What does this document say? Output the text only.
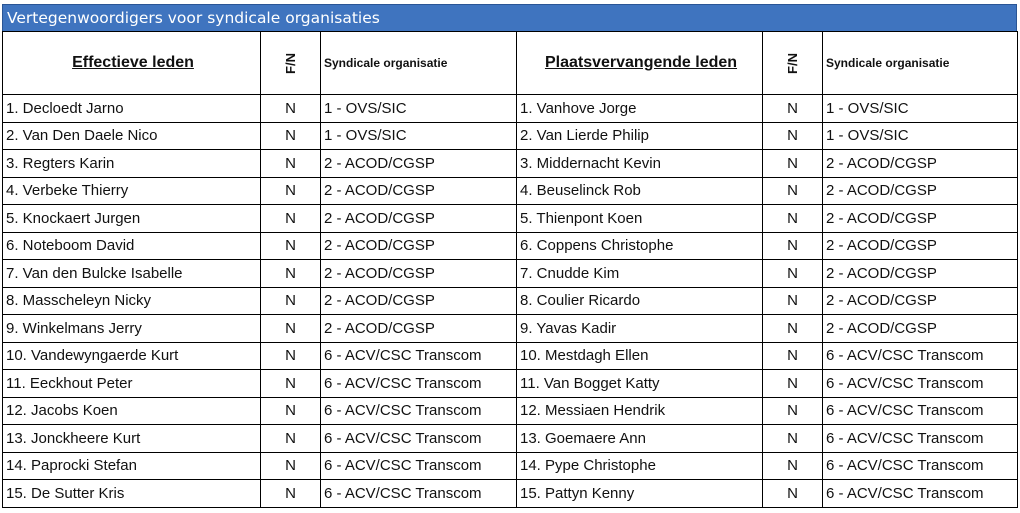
Vertegenwoordigers voor syndicale organisaties
Effectieve leden	F/N	Syndicale organisatie	Plaatsvervangende leden	F/N	Syndicale organisatie
1. Decloedt Jarno	N	1 - OVS/SIC	1. Vanhove Jorge	N	1 - OVS/SIC
2. Van Den Daele Nico	N	1 - OVS/SIC	2. Van Lierde Philip	N	1 - OVS/SIC
3. Regters Karin	N	2 - ACOD/CGSP	3. Middernacht Kevin	N	2 - ACOD/CGSP
4. Verbeke Thierry	N	2 - ACOD/CGSP	4. Beuselinck Rob	N	2 - ACOD/CGSP
5. Knockaert Jurgen	N	2 - ACOD/CGSP	5. Thienpont Koen	N	2 - ACOD/CGSP
6. Noteboom David	N	2 - ACOD/CGSP	6. Coppens Christophe	N	2 - ACOD/CGSP
7. Van den Bulcke Isabelle	N	2 - ACOD/CGSP	7. Cnudde Kim	N	2 - ACOD/CGSP
8. Masscheleyn Nicky	N	2 - ACOD/CGSP	8. Coulier Ricardo	N	2 - ACOD/CGSP
9. Winkelmans Jerry	N	2 - ACOD/CGSP	9. Yavas Kadir	N	2 - ACOD/CGSP
10. Vandewyngaerde Kurt	N	6 - ACV/CSC Transcom	10. Mestdagh Ellen	N	6 - ACV/CSC Transcom
11. Eeckhout Peter	N	6 - ACV/CSC Transcom	11. Van Bogget Katty	N	6 - ACV/CSC Transcom
12. Jacobs Koen	N	6 - ACV/CSC Transcom	12. Messiaen Hendrik	N	6 - ACV/CSC Transcom
13. Jonckheere Kurt	N	6 - ACV/CSC Transcom	13. Goemaere Ann	N	6 - ACV/CSC Transcom
14. Paprocki Stefan	N	6 - ACV/CSC Transcom	14. Pype Christophe	N	6 - ACV/CSC Transcom
15. De Sutter Kris	N	6 - ACV/CSC Transcom	15. Pattyn Kenny	N	6 - ACV/CSC Transcom
